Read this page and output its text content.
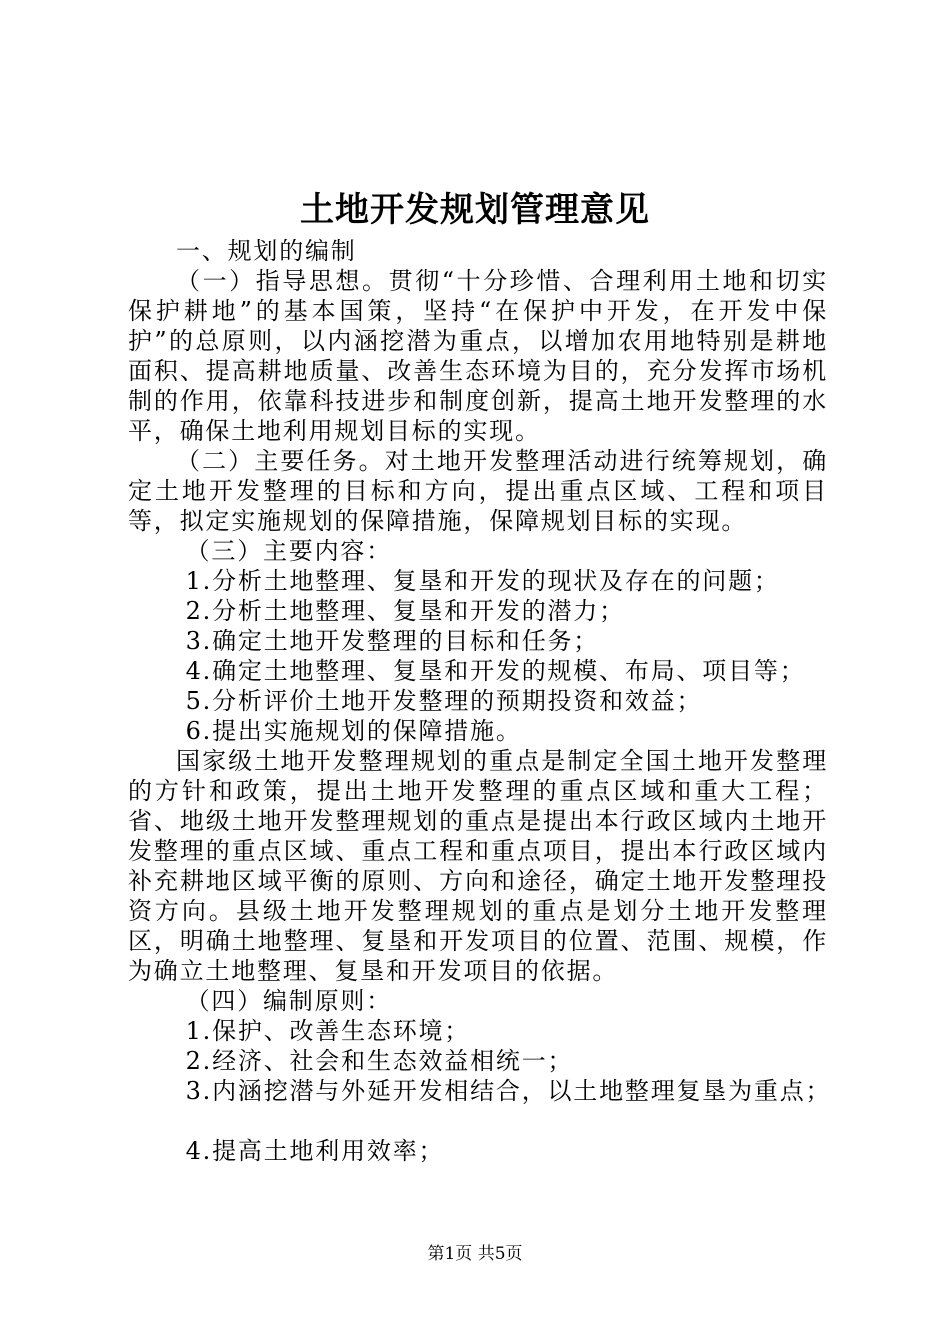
土地开发规划管理意见

一、规划的编制

（一）指导思想。贯彻“十分珍惜、合理利用土地和切实保护耕地”的基本国策，坚持“在保护中开发，在开发中保护”的总原则，以内涵挖潜为重点，以增加农用地特别是耕地面积、提高耕地质量、改善生态环境为目的，充分发挥市场机制的作用，依靠科技进步和制度创新，提高土地开发整理的水平，确保土地利用规划目标的实现。

（二）主要任务。对土地开发整理活动进行统筹规划，确定土地开发整理的目标和方向，提出重点区域、工程和项目等，拟定实施规划的保障措施，保障规划目标的实现。

（三）主要内容：

1.分析土地整理、复垦和开发的现状及存在的问题；

2.分析土地整理、复垦和开发的潜力；

3.确定土地开发整理的目标和任务；

4.确定土地整理、复垦和开发的规模、布局、项目等；

5.分析评价土地开发整理的预期投资和效益；

6.提出实施规划的保障措施。

国家级土地开发整理规划的重点是制定全国土地开发整理的方针和政策，提出土地开发整理的重点区域和重大工程；省、地级土地开发整理规划的重点是提出本行政区域内土地开发整理的重点区域、重点工程和重点项目，提出本行政区域内补充耕地区域平衡的原则、方向和途径，确定土地开发整理投资方向。县级土地开发整理规划的重点是划分土地开发整理区，明确土地整理、复垦和开发项目的位置、范围、规模，作为确立土地整理、复垦和开发项目的依据。

（四）编制原则：

1.保护、改善生态环境；

2.经济、社会和生态效益相统一；

3.内涵挖潜与外延开发相结合，以土地整理复垦为重点；

4.提高土地利用效率；

第1页 共5页
